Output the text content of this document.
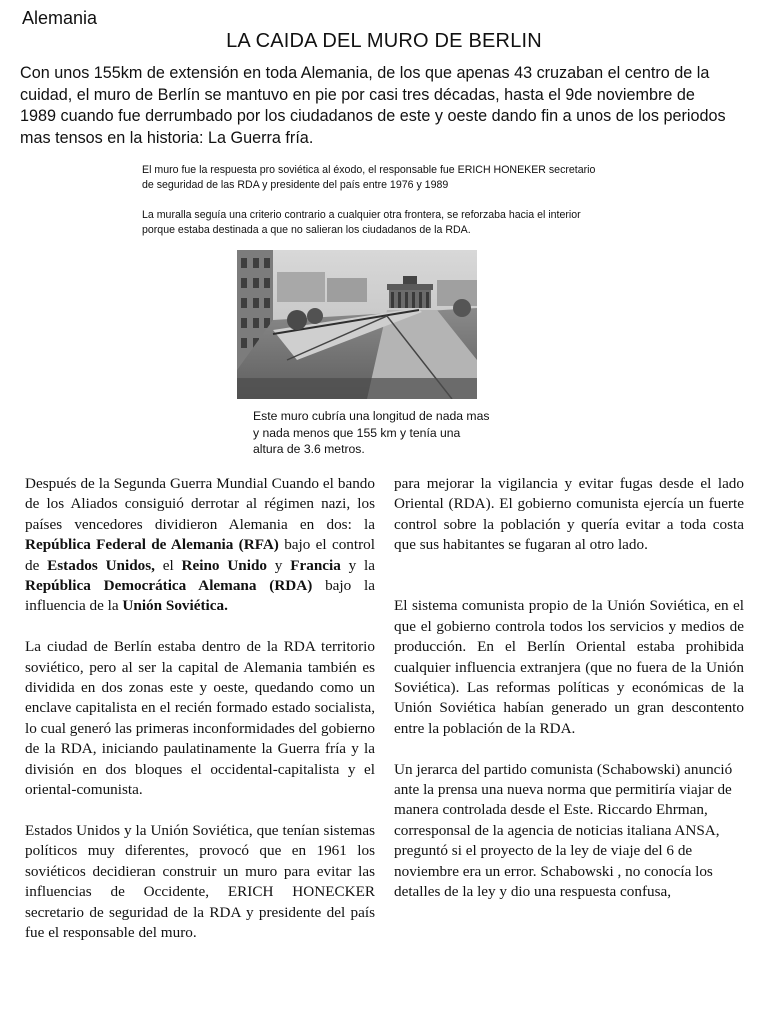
Alemania
LA CAIDA DEL MURO DE BERLIN
Con unos 155km de extensión en toda Alemania, de los que apenas 43 cruzaban el centro de la cuidad, el muro de Berlín se mantuvo en pie por casi tres décadas, hasta el 9de noviembre de 1989 cuando fue derrumbado por los ciudadanos de este y oeste dando fin a unos de los periodos mas tensos en la historia: La Guerra fría.
El muro fue la respuesta pro soviética al éxodo, el responsable fue ERICH HONEKER secretario de seguridad de las RDA y presidente del país entre 1976 y 1989
La muralla seguía una criterio contrario a cualquier otra frontera, se reforzaba hacia el interior porque estaba destinada a que no salieran los ciudadanos de la RDA.
Este muro cubría una longitud de nada mas y nada menos que 155 km y tenía una altura de 3.6 metros.

Después de la Segunda Guerra Mundial Cuando el bando de los Aliados consiguió derrotar al régimen nazi, los países vencedores dividieron Alemania en dos: la República Federal de Alemania (RFA) bajo el control de Estados Unidos, el Reino Unido y Francia y la República Democrática Alemana (RDA) bajo la influencia de la Unión Soviética.

La ciudad de Berlín estaba dentro de la RDA territorio soviético, pero al ser la capital de Alemania también es dividida en dos zonas este y oeste, quedando como un enclave capitalista en el recién formado estado socialista, lo cual generó las primeras inconformidades del gobierno de la RDA, iniciando paulatinamente la Guerra fría y la división en dos bloques el occidental-capitalista y el oriental-comunista.

Estados Unidos y la Unión Soviética, que tenían sistemas políticos muy diferentes, provocó que en 1961 los soviéticos decidieran construir un muro para evitar las influencias de Occidente, ERICH HONECKER secretario de seguridad de la RDA y presidente del país fue el responsable del muro.

para mejorar la vigilancia y evitar fugas desde el lado Oriental (RDA). El gobierno comunista ejercía un fuerte control sobre la población y quería evitar a toda costa que sus habitantes se fugaran al otro lado.

El sistema comunista propio de la Unión Soviética, en el que el gobierno controla todos los servicios y medios de producción. En el Berlín Oriental estaba prohibida cualquier influencia extranjera (que no fuera de la Unión Soviética). Las reformas políticas y económicas de la Unión Soviética habían generado un gran descontento entre la población de la RDA.

Un jerarca del partido comunista (Schabowski) anunció ante la prensa una nueva norma que permitiría viajar de manera controlada desde el Este. Riccardo Ehrman, corresponsal de la agencia de noticias italiana ANSA, preguntó si el proyecto de la ley de viaje del 6 de noviembre era un error. Schabowski , no conocía los detalles de la ley y dio una respuesta confusa,
